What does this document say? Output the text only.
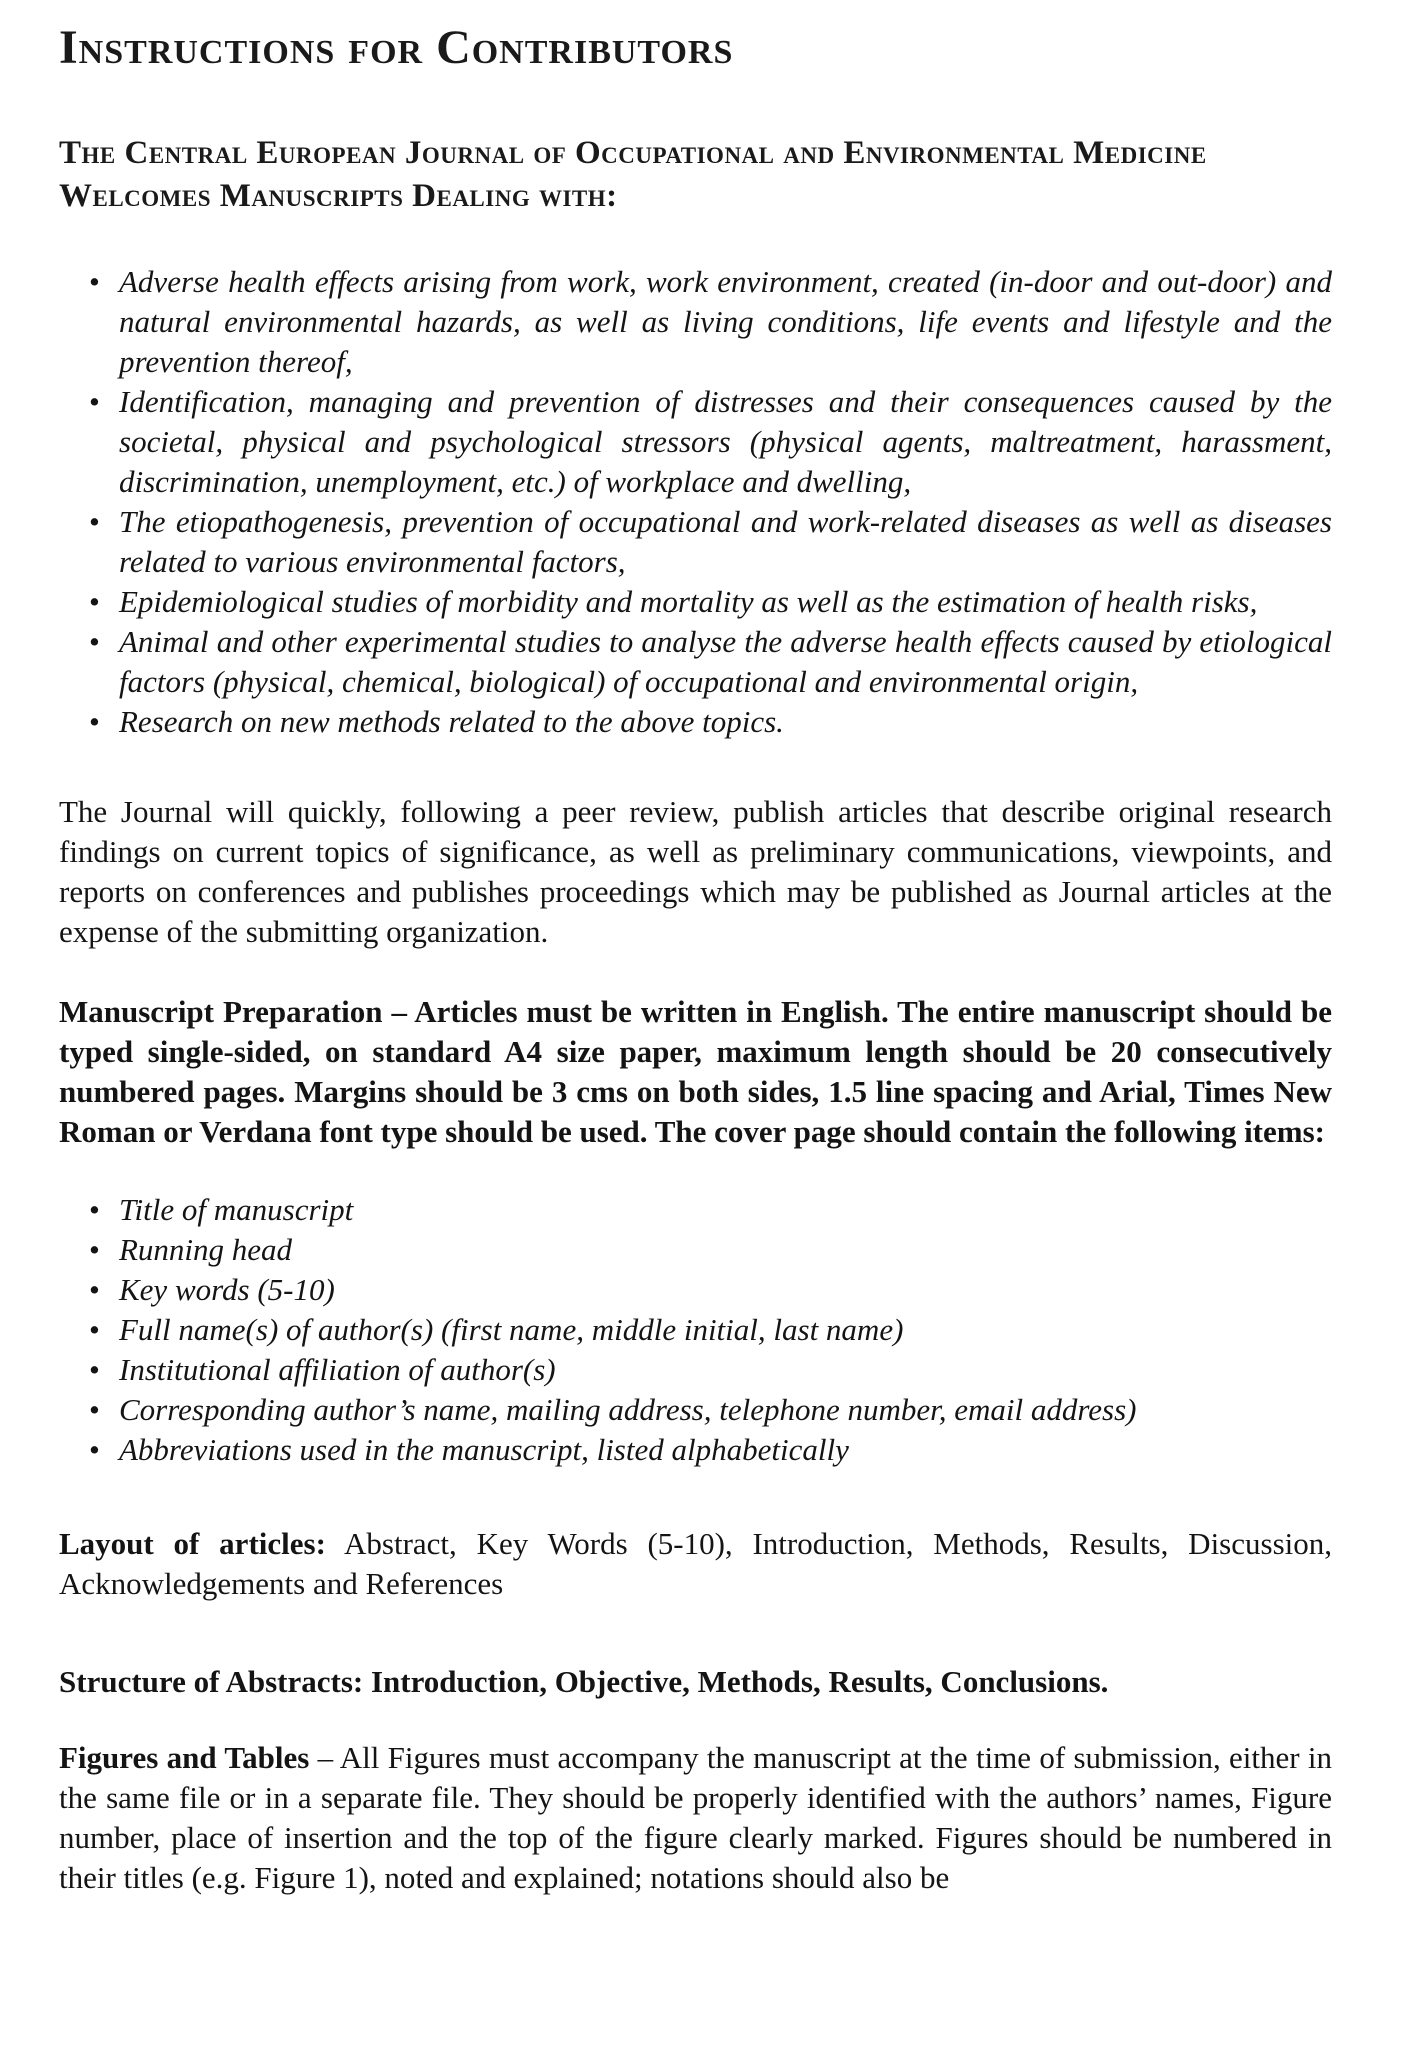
Instructions for Contributors
The Central European Journal of Occupational and Environmental Medicine Welcomes Manuscripts Dealing with:
• Adverse health effects arising from work, work environment, created (in-door and out-door) and natural environmental hazards, as well as living conditions, life events and lifestyle and the prevention thereof,
• Identification, managing and prevention of distresses and their consequences caused by the societal, physical and psychological stressors (physical agents, maltreatment, harassment, discrimination, unemployment, etc.) of workplace and dwelling,
• The etiopathogenesis, prevention of occupational and work-related diseases as well as diseases related to various environmental factors,
• Epidemiological studies of morbidity and mortality as well as the estimation of health risks,
• Animal and other experimental studies to analyse the adverse health effects caused by etiological factors (physical, chemical, biological) of occupational and environmental origin,
• Research on new methods related to the above topics.

The Journal will quickly, following a peer review, publish articles that describe original research findings on current topics of significance, as well as preliminary communications, viewpoints, and reports on conferences and publishes proceedings which may be published as Journal articles at the expense of the submitting organization.

Manuscript Preparation – Articles must be written in English. The entire manuscript should be typed single-sided, on standard A4 size paper, maximum length should be 20 consecutively numbered pages. Margins should be 3 cms on both sides, 1.5 line spacing and Arial, Times New Roman or Verdana font type should be used. The cover page should contain the following items:

• Title of manuscript
• Running head
• Key words (5-10)
• Full name(s) of author(s) (first name, middle initial, last name)
• Institutional affiliation of author(s)
• Corresponding author’s name, mailing address, telephone number, email address)
• Abbreviations used in the manuscript, listed alphabetically

Layout of articles: Abstract, Key Words (5-10), Introduction, Methods, Results, Discussion, Acknowledgements and References

Structure of Abstracts: Introduction, Objective, Methods, Results, Conclusions.

Figures and Tables – All Figures must accompany the manuscript at the time of submission, either in the same file or in a separate file. They should be properly identified with the authors’ names, Figure number, place of insertion and the top of the figure clearly marked. Figures should be numbered in their titles (e.g. Figure 1), noted and explained; notations should also be
